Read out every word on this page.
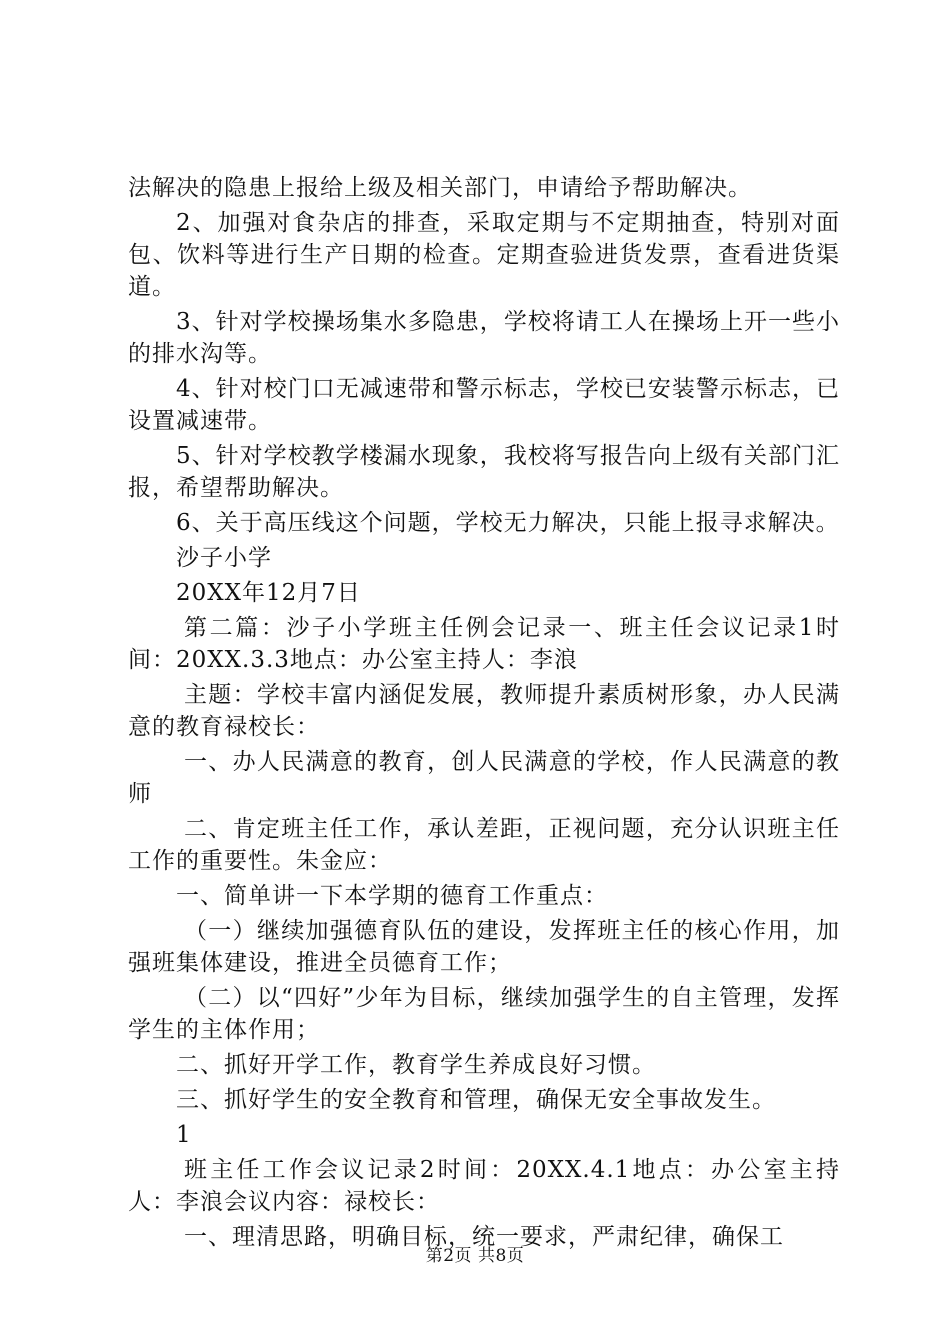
法解决的隐患上报给上级及相关部门，申请给予帮助解决。

2、加强对食杂店的排查，采取定期与不定期抽查，特别对面包、饮料等进行生产日期的检查。定期查验进货发票，查看进货渠道。

3、针对学校操场集水多隐患，学校将请工人在操场上开一些小的排水沟等。

4、针对校门口无减速带和警示标志，学校已安装警示标志，已设置减速带。

5、针对学校教学楼漏水现象，我校将写报告向上级有关部门汇报，希望帮助解决。

6、关于高压线这个问题，学校无力解决，只能上报寻求解决。

沙子小学

20XX年12月7日

第二篇：沙子小学班主任例会记录一、班主任会议记录1时间：20XX.3.3地点：办公室主持人：李浪

主题：学校丰富内涵促发展，教师提升素质树形象，办人民满意的教育禄校长：

一、办人民满意的教育，创人民满意的学校，作人民满意的教师

二、肯定班主任工作，承认差距，正视问题，充分认识班主任工作的重要性。朱金应：

一、简单讲一下本学期的德育工作重点：

（一）继续加强德育队伍的建设，发挥班主任的核心作用，加强班集体建设，推进全员德育工作；

（二）以“四好”少年为目标，继续加强学生的自主管理，发挥学生的主体作用；

二、抓好开学工作，教育学生养成良好习惯。

三、抓好学生的安全教育和管理，确保无安全事故发生。

1

班主任工作会议记录2时间：20XX.4.1地点：办公室主持人：李浪会议内容：禄校长：

一、理清思路，明确目标，统一要求，严肃纪律，确保工

第2页 共8页
